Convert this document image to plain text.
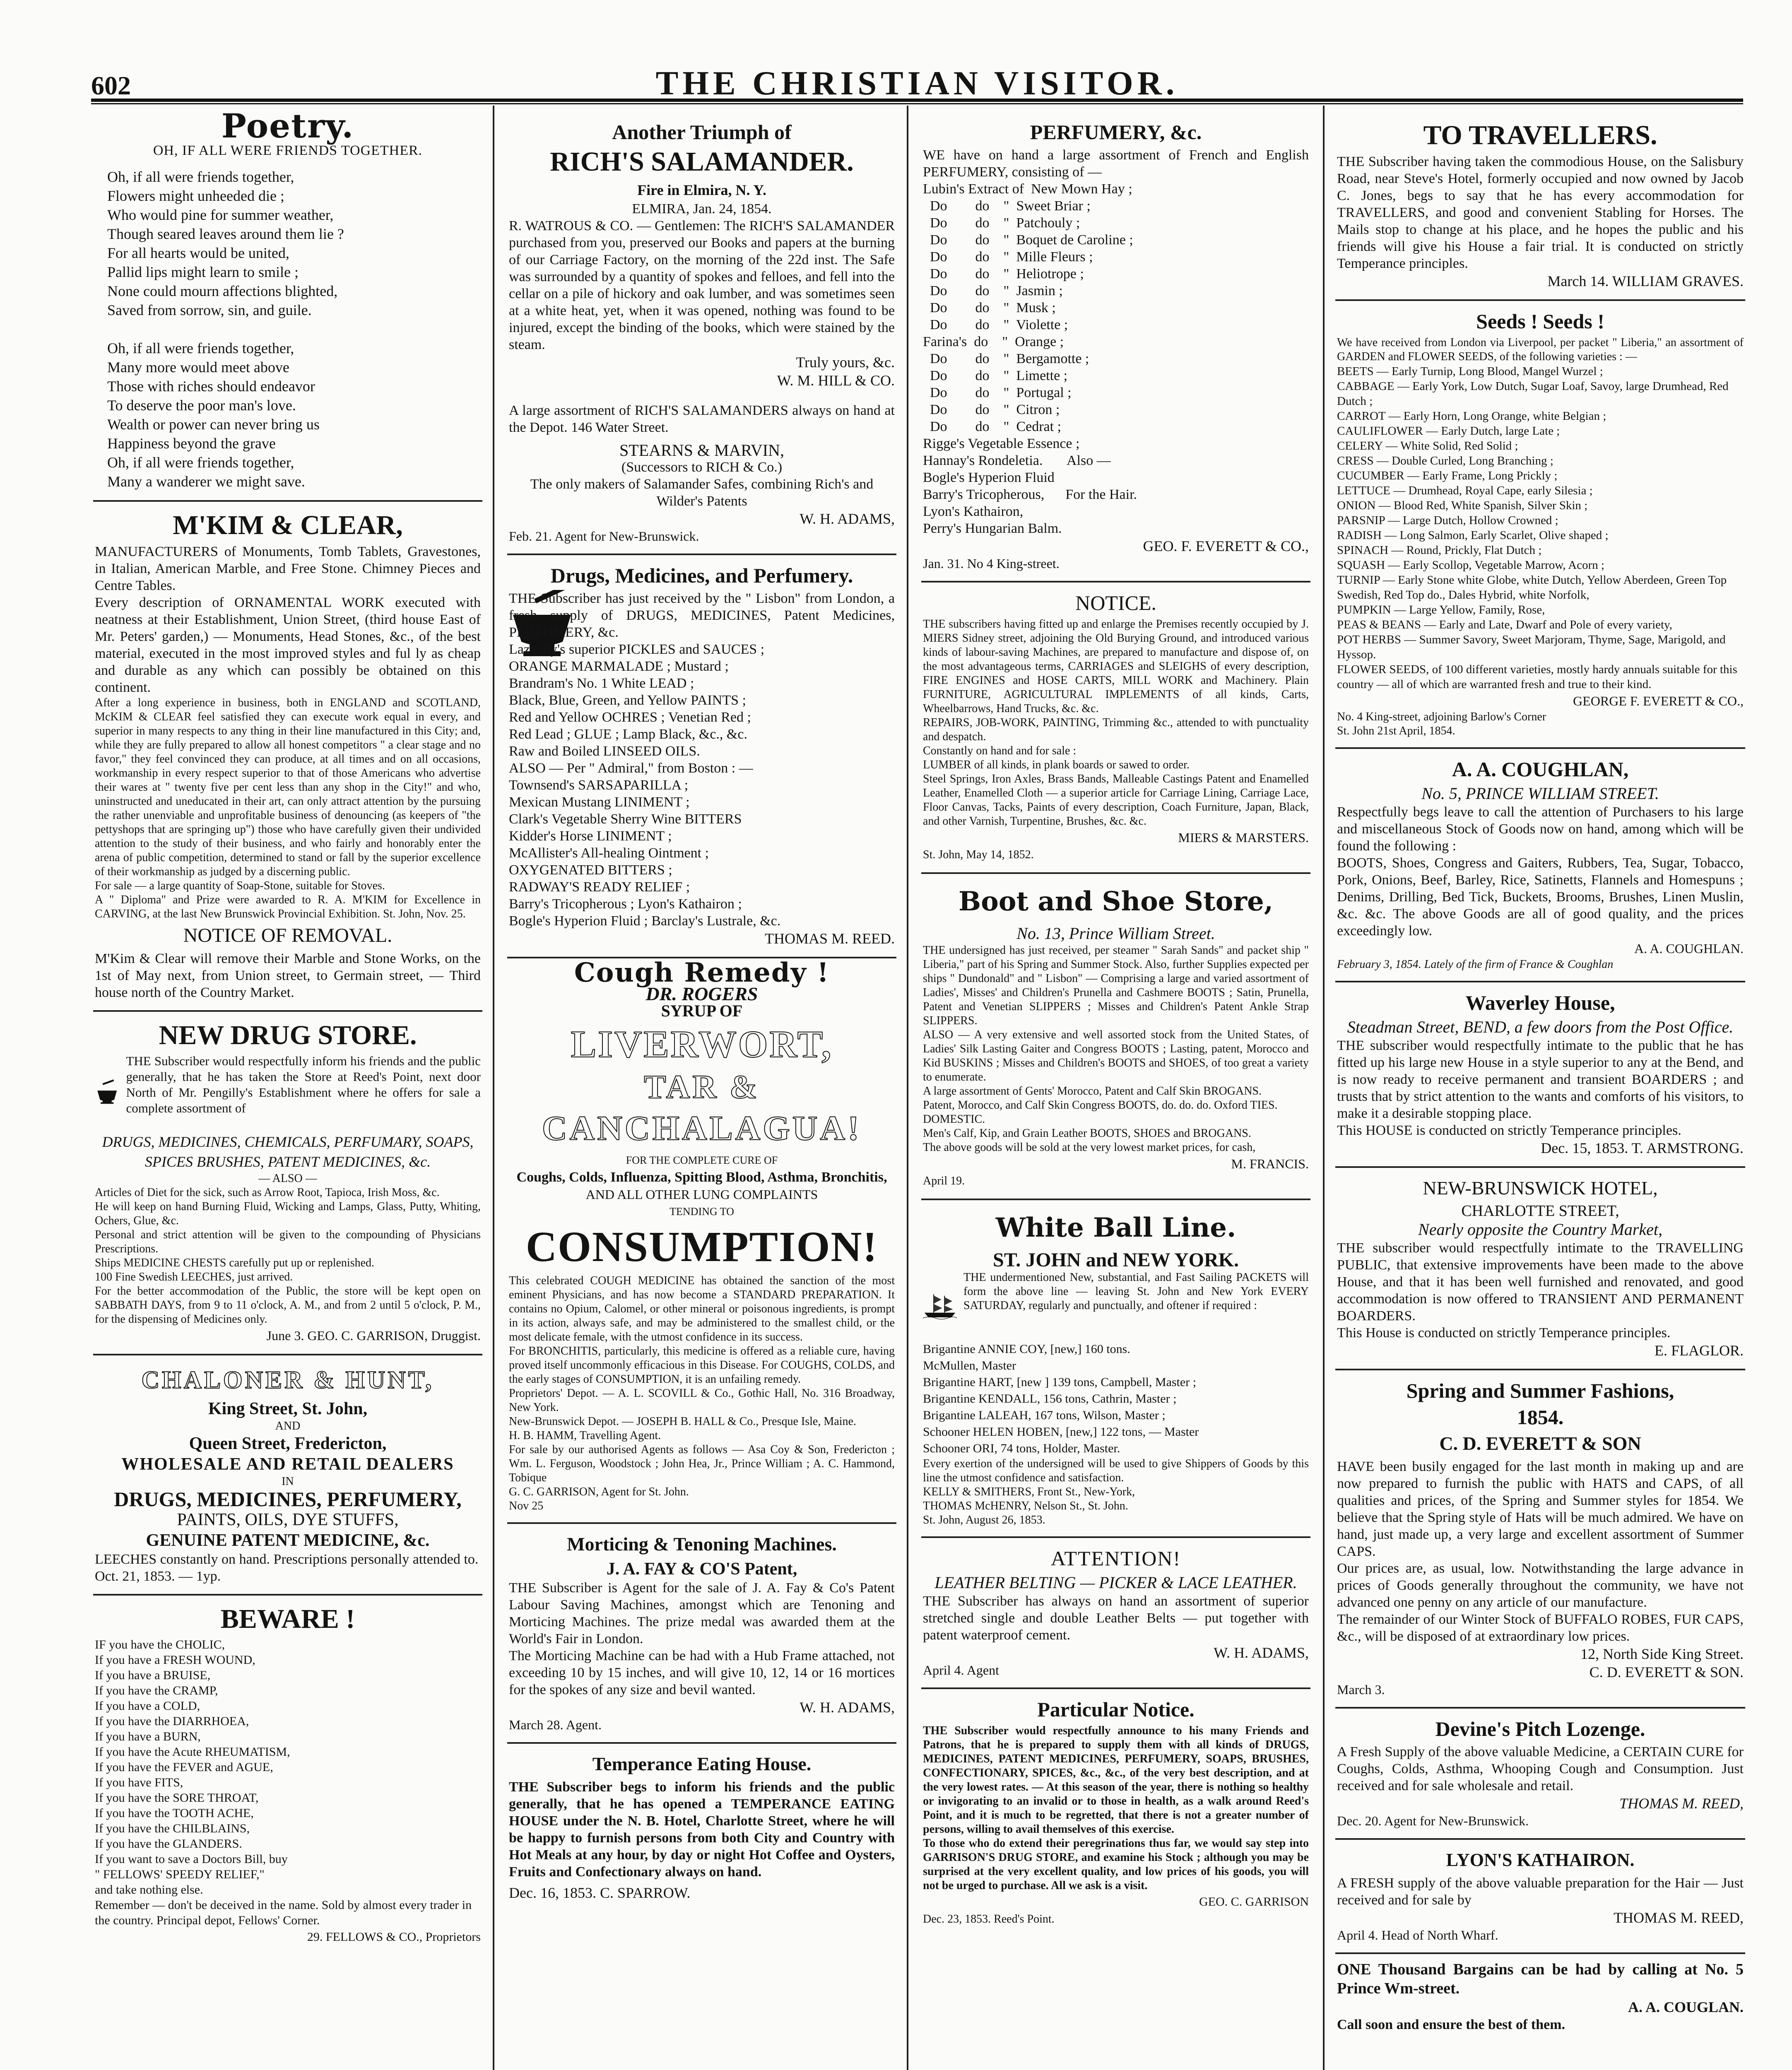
602	THE CHRISTIAN VISITOR.
Poetry.
OH, IF ALL WERE FRIENDS TOGETHER.
Oh, if all were friends together,
Flowers might unheeded die ;
Who would pine for summer weather,
Though seared leaves around them lie ?
For all hearts would be united,
Pallid lips might learn to smile ;
None could mourn affections blighted,
Saved from sorrow, sin, and guile.

Oh, if all were friends together,
Many more would meet above
Those with riches should endeavor
To deserve the poor man's love.
Wealth or power can never bring us
Happiness beyond the grave
Oh, if all were friends together,
Many a wanderer we might save.
M'KIM & CLEAR,
MANUFACTURERS of Monuments, Tomb Tablets, Gravestones, in Italian, American Marble, and Free Stone. Chimney Pieces and Centre Tables.
Every description of ORNAMENTAL WORK executed with neatness at their Establishment, Union Street, (third house East of Mr. Peters' garden,) — Monuments, Head Stones, &c., of the best material, executed in the most improved styles and ful ly as cheap and durable as any which can possibly be obtained on this continent.
After a long experience in business, both in ENGLAND and SCOTLAND, McKIM & CLEAR feel satisfied they can execute work equal in every, and superior in many respects to any thing in their line manufactured in this City; and, while they are fully prepared to allow all honest competitors " a clear stage and no favor," they feel convinced they can produce, at all times and on all occasions, workmanship in every respect superior to that of those Americans who advertise their wares at " twenty five per cent less than any shop in the City!" and who, uninstructed and uneducated in their art, can only attract attention by the pursuing the rather unenviable and unprofitable business of denouncing (as keepers of "the pettyshops that are springing up") those who have carefully given their undivided attention to the study of their business, and who fairly and honorably enter the arena of public competition, determined to stand or fall by the superior excellence of their workmanship as judged by a discerning public.
For sale — a large quantity of Soap-Stone, suitable for Stoves.
A " Diploma" and Prize were awarded to R. A. M'KIM for Excellence in CARVING, at the last New Brunswick Provincial Exhibition. St. John, Nov. 25.
NOTICE OF REMOVAL.
M'Kim & Clear will remove their Marble and Stone Works, on the 1st of May next, from Union street, to Germain street, — Third house north of the Country Market.
NEW DRUG STORE.
THE Subscriber would respectfully inform his friends and the public generally, that he has taken the Store at Reed's Point, next door North of Mr. Pengilly's Establishment where he offers for sale a complete assortment of
DRUGS, MEDICINES, CHEMICALS, PERFUMARY, SOAPS, SPICES BRUSHES, PATENT MEDICINES, &c.
— ALSO —
Articles of Diet for the sick, such as Arrow Root, Tapioca, Irish Moss, &c.
He will keep on hand Burning Fluid, Wicking and Lamps, Glass, Putty, Whiting, Ochers, Glue, &c.
Personal and strict attention will be given to the compounding of Physicians Prescriptions.
Ships MEDICINE CHESTS carefully put up or replenished.
100 Fine Swedish LEECHES, just arrived.
For the better accommodation of the Public, the store will be kept open on SABBATH DAYS, from 9 to 11 o'clock, A. M., and from 2 until 5 o'clock, P. M., for the dispensing of Medicines only.
June 3. GEO. C. GARRISON, Druggist.
CHALONER & HUNT,
King Street, St. John,
AND
Queen Street, Fredericton,
WHOLESALE AND RETAIL DEALERS
IN
DRUGS, MEDICINES, PERFUMERY,
PAINTS, OILS, DYE STUFFS,
GENUINE PATENT MEDICINE, &c.
LEECHES constantly on hand. Prescriptions personally attended to.
Oct. 21, 1853. — 1yp.
BEWARE !
IF you have the CHOLIC,
If you have a FRESH WOUND,
If you have a BRUISE,
If you have the CRAMP,
If you have a COLD,
If you have the DIARRHOEA,
If you have a BURN,
If you have the Acute RHEUMATISM,
If you have the FEVER and AGUE,
If you have FITS,
If you have the SORE THROAT,
If you have the TOOTH ACHE,
If you have the CHILBLAINS,
If you have the GLANDERS.
If you want to save a Doctors Bill, buy
" FELLOWS' SPEEDY RELIEF,"
and take nothing else.
Remember — don't be deceived in the name. Sold by almost every trader in the country. Principal depot, Fellows' Corner.
29. FELLOWS & CO., Proprietors
Another Triumph of
RICH'S SALAMANDER.
Fire in Elmira, N. Y.
ELMIRA, Jan. 24, 1854.
R. WATROUS & CO. — Gentlemen: The RICH'S SALAMANDER purchased from you, preserved our Books and papers at the burning of our Carriage Factory, on the morning of the 22d inst. The Safe was surrounded by a quantity of spokes and felloes, and fell into the cellar on a pile of hickory and oak lumber, and was sometimes seen at a white heat, yet, when it was opened, nothing was found to be injured, except the binding of the books, which were stained by the steam.
Truly yours, &c.
W. M. HILL & CO.
A large assortment of RICH'S SALAMANDERS always on hand at the Depot. 146 Water Street.
STEARNS & MARVIN,
(Successors to RICH & Co.)
The only makers of Salamander Safes, combining Rich's and Wilder's Patents
W. H. ADAMS,
Feb. 21. Agent for New-Brunswick.
Drugs, Medicines, and Perfumery.
THE Subscriber has just received by the " Lisbon" from London, a fresh supply of DRUGS, MEDICINES, Patent Medicines, PERFUMERY, &c.
Lazenby's superior PICKLES and SAUCES ;
ORANGE MARMALADE ; Mustard ;
Brandram's No. 1 White LEAD ;
Black, Blue, Green, and Yellow PAINTS ;
Red and Yellow OCHRES ; Venetian Red ;
Red Lead ; GLUE ; Lamp Black, &c., &c.
Raw and Boiled LINSEED OILS.
ALSO — Per " Admiral," from Boston : —
Townsend's SARSAPARILLA ;
Mexican Mustang LINIMENT ;
Clark's Vegetable Sherry Wine BITTERS
Kidder's Horse LINIMENT ;
McAllister's All-healing Ointment ;
OXYGENATED BITTERS ;
RADWAY'S READY RELIEF ;
Barry's Tricopherous ; Lyon's Kathairon ;
Bogle's Hyperion Fluid ; Barclay's Lustrale, &c.
THOMAS M. REED.
Cough Remedy !
DR. ROGERS
SYRUP OF
LIVERWORT,
TAR &
CANCHALAGUA!
FOR THE COMPLETE CURE OF
Coughs, Colds, Influenza, Spitting Blood, Asthma, Bronchitis,
AND ALL OTHER LUNG COMPLAINTS
TENDING TO
CONSUMPTION!
This celebrated COUGH MEDICINE has obtained the sanction of the most eminent Physicians, and has now become a STANDARD PREPARATION. It contains no Opium, Calomel, or other mineral or poisonous ingredients, is prompt in its action, always safe, and may be administered to the smallest child, or the most delicate female, with the utmost confidence in its success.
For BRONCHITIS, particularly, this medicine is offered as a reliable cure, having proved itself uncommonly efficacious in this Disease. For COUGHS, COLDS, and the early stages of CONSUMPTION, it is an unfailing remedy.
Proprietors' Depot. — A. L. SCOVILL & Co., Gothic Hall, No. 316 Broadway, New York.
New-Brunswick Depot. — JOSEPH B. HALL & Co., Presque Isle, Maine.
H. B. HAMM, Travelling Agent.
For sale by our authorised Agents as follows — Asa Coy & Son, Fredericton ; Wm. L. Ferguson, Woodstock ; John Hea, Jr., Prince William ; A. C. Hammond, Tobique
G. C. GARRISON, Agent for St. John.
Nov 25
Morticing & Tenoning Machines.
J. A. FAY & CO'S Patent,
THE Subscriber is Agent for the sale of J. A. Fay & Co's Patent Labour Saving Machines, amongst which are Tenoning and Morticing Machines. The prize medal was awarded them at the World's Fair in London.
The Morticing Machine can be had with a Hub Frame attached, not exceeding 10 by 15 inches, and will give 10, 12, 14 or 16 mortices for the spokes of any size and bevil wanted.
W. H. ADAMS,
March 28. Agent.
Temperance Eating House.
THE Subscriber begs to inform his friends and the public generally, that he has opened a TEMPERANCE EATING HOUSE under the N. B. Hotel, Charlotte Street, where he will be happy to furnish persons from both City and Country with Hot Meals at any hour, by day or night Hot Coffee and Oysters, Fruits and Confectionary always on hand.
Dec. 16, 1853. C. SPARROW.
PERFUMERY, &c.
WE have on hand a large assortment of French and English PERFUMERY, consisting of —
Lubin's Extract of  New Mown Hay ;
Do        do    "  Sweet Briar ;
Do        do    "  Patchouly ;
Do        do    "  Boquet de Caroline ;
Do        do    "  Mille Fleurs ;
Do        do    "  Heliotrope ;
Do        do    "  Jasmin ;
Do        do    "  Musk ;
Do        do    "  Violette ;
Farina's  do    "  Orange ;
Do        do    "  Bergamotte ;
Do        do    "  Limette ;
Do        do    "  Portugal ;
Do        do    "  Citron ;
Do        do    "  Cedrat ;
Rigge's Vegetable Essence ;
Hannay's Rondeletia.       Also —
Bogle's Hyperion Fluid
Barry's Tricopherous,      For the Hair.
Lyon's Kathairon,
Perry's Hungarian Balm.
GEO. F. EVERETT & CO.,
Jan. 31. No 4 King-street.
NOTICE.
THE subscribers having fitted up and enlarge the Premises recently occupied by J. MIERS Sidney street, adjoining the Old Burying Ground, and introduced various kinds of labour-saving Machines, are prepared to manufacture and dispose of, on the most advantageous terms, CARRIAGES and SLEIGHS of every description, FIRE ENGINES and HOSE CARTS, MILL WORK and Machinery. Plain FURNITURE, AGRICULTURAL IMPLEMENTS of all kinds, Carts, Wheelbarrows, Hand Trucks, &c. &c.
REPAIRS, JOB-WORK, PAINTING, Trimming &c., attended to with punctuality and despatch.
Constantly on hand and for sale :
LUMBER of all kinds, in plank boards or sawed to order.
Steel Springs, Iron Axles, Brass Bands, Malleable Castings Patent and Enamelled Leather, Enamelled Cloth — a superior article for Carriage Lining, Carriage Lace, Floor Canvas, Tacks, Paints of every description, Coach Furniture, Japan, Black, and other Varnish, Turpentine, Brushes, &c. &c.
MIERS & MARSTERS.
St. John, May 14, 1852.
Boot and Shoe Store,
No. 13, Prince William Street.
THE undersigned has just received, per steamer " Sarah Sands" and packet ship " Liberia," part of his Spring and Summer Stock. Also, further Supplies expected per ships " Dundonald" and " Lisbon" — Comprising a large and varied assortment of Ladies', Misses' and Children's Prunella and Cashmere BOOTS ; Satin, Prunella, Patent and Venetian SLIPPERS ; Misses and Children's Patent Ankle Strap SLIPPERS.
ALSO — A very extensive and well assorted stock from the United States, of Ladies' Silk Lasting Gaiter and Congress BOOTS ; Lasting, patent, Morocco and Kid BUSKINS ; Misses and Children's BOOTS and SHOES, of too great a variety to enumerate.
A large assortment of Gents' Morocco, Patent and Calf Skin BROGANS.
Patent, Morocco, and Calf Skin Congress BOOTS, do. do. do. Oxford TIES.
DOMESTIC.
Men's Calf, Kip, and Grain Leather BOOTS, SHOES and BROGANS.
The above goods will be sold at the very lowest market prices, for cash,
M. FRANCIS.
April 19.
White Ball Line.
ST. JOHN and NEW YORK.
THE undermentioned New, substantial, and Fast Sailing PACKETS will form the above line — leaving St. John and New York EVERY SATURDAY, regularly and punctually, and oftener if required :
Brigantine ANNIE COY, [new,] 160 tons.
McMullen, Master
Brigantine HART, [new ] 139 tons, Campbell, Master ;
Brigantine KENDALL, 156 tons, Cathrin, Master ;
Brigantine LALEAH, 167 tons, Wilson, Master ;
Schooner HELEN HOBEN, [new,] 122 tons, — Master
Schooner ORI, 74 tons, Holder, Master.
Every exertion of the undersigned will be used to give Shippers of Goods by this line the utmost confidence and satisfaction.
KELLY & SMITHERS, Front St., New-York,
THOMAS McHENRY, Nelson St., St. John.
St. John, August 26, 1853.
ATTENTION!
LEATHER BELTING — PICKER & LACE LEATHER.
THE Subscriber has always on hand an assortment of superior stretched single and double Leather Belts — put together with patent waterproof cement.
W. H. ADAMS,
April 4. Agent
Particular Notice.
THE Subscriber would respectfully announce to his many Friends and Patrons, that he is prepared to supply them with all kinds of DRUGS, MEDICINES, PATENT MEDICINES, PERFUMERY, SOAPS, BRUSHES, CONFECTIONARY, SPICES, &c., &c., of the very best description, and at the very lowest rates. — At this season of the year, there is nothing so healthy or invigorating to an invalid or to those in health, as a walk around Reed's Point, and it is much to be regretted, that there is not a greater number of persons, willing to avail themselves of this exercise.
To those who do extend their peregrinations thus far, we would say step into GARRISON'S DRUG STORE, and examine his Stock ; although you may be surprised at the very excellent quality, and low prices of his goods, you will not be urged to purchase. All we ask is a visit.
GEO. C. GARRISON
Dec. 23, 1853. Reed's Point.
TO TRAVELLERS.
THE Subscriber having taken the commodious House, on the Salisbury Road, near Steve's Hotel, formerly occupied and now owned by Jacob C. Jones, begs to say that he has every accommodation for TRAVELLERS, and good and convenient Stabling for Horses. The Mails stop to change at his place, and he hopes the public and his friends will give his House a fair trial. It is conducted on strictly Temperance principles.
March 14. WILLIAM GRAVES.
Seeds ! Seeds !
We have received from London via Liverpool, per packet " Liberia," an assortment of GARDEN and FLOWER SEEDS, of the following varieties : —
BEETS — Early Turnip, Long Blood, Mangel Wurzel ;
CABBAGE — Early York, Low Dutch, Sugar Loaf, Savoy, large Drumhead, Red Dutch ;
CARROT — Early Horn, Long Orange, white Belgian ;
CAULIFLOWER — Early Dutch, large Late ;
CELERY — White Solid, Red Solid ;
CRESS — Double Curled, Long Branching ;
CUCUMBER — Early Frame, Long Prickly ;
LETTUCE — Drumhead, Royal Cape, early Silesia ;
ONION — Blood Red, White Spanish, Silver Skin ;
PARSNIP — Large Dutch, Hollow Crowned ;
RADISH — Long Salmon, Early Scarlet, Olive shaped ;
SPINACH — Round, Prickly, Flat Dutch ;
SQUASH — Early Scollop, Vegetable Marrow, Acorn ;
TURNIP — Early Stone white Globe, white Dutch, Yellow Aberdeen, Green Top Swedish, Red Top do., Dales Hybrid, white Norfolk,
PUMPKIN — Large Yellow, Family, Rose,
PEAS & BEANS — Early and Late, Dwarf and Pole of every variety,
POT HERBS — Summer Savory, Sweet Marjoram, Thyme, Sage, Marigold, and Hyssop.
FLOWER SEEDS, of 100 different varieties, mostly hardy annuals suitable for this country — all of which are warranted fresh and true to their kind.
GEORGE F. EVERETT & CO.,
No. 4 King-street, adjoining Barlow's Corner
St. John 21st April, 1854.
A. A. COUGHLAN,
No. 5, PRINCE WILLIAM STREET.
Respectfully begs leave to call the attention of Purchasers to his large and miscellaneous Stock of Goods now on hand, among which will be found the following :
BOOTS, Shoes, Congress and Gaiters, Rubbers, Tea, Sugar, Tobacco, Pork, Onions, Beef, Barley, Rice, Satinetts, Flannels and Homespuns ; Denims, Drilling, Bed Tick, Buckets, Brooms, Brushes, Linen Muslin, &c. &c. The above Goods are all of good quality, and the prices exceedingly low.
A. A. COUGHLAN.
February 3, 1854. Lately of the firm of France & Coughlan
Waverley House,
Steadman Street, BEND, a few doors from the Post Office.
THE subscriber would respectfully intimate to the public that he has fitted up his large new House in a style superior to any at the Bend, and is now ready to receive permanent and transient BOARDERS ; and trusts that by strict attention to the wants and comforts of his visitors, to make it a desirable stopping place.
This HOUSE is conducted on strictly Temperance principles.
Dec. 15, 1853. T. ARMSTRONG.
NEW-BRUNSWICK HOTEL,
CHARLOTTE STREET,
Nearly opposite the Country Market,
THE subscriber would respectfully intimate to the TRAVELLING PUBLIC, that extensive improvements have been made to the above House, and that it has been well furnished and renovated, and good accommodation is now offered to TRANSIENT AND PERMANENT BOARDERS.
This House is conducted on strictly Temperance principles.
E. FLAGLOR.
Spring and Summer Fashions,
1854.
C. D. EVERETT & SON
HAVE been busily engaged for the last month in making up and are now prepared to furnish the public with HATS and CAPS, of all qualities and prices, of the Spring and Summer styles for 1854. We believe that the Spring style of Hats will be much admired. We have on hand, just made up, a very large and excellent assortment of Summer CAPS.
Our prices are, as usual, low. Notwithstanding the large advance in prices of Goods generally throughout the community, we have not advanced one penny on any article of our manufacture.
The remainder of our Winter Stock of BUFFALO ROBES, FUR CAPS, &c., will be disposed of at extraordinary low prices.
12, North Side King Street.
C. D. EVERETT & SON.
March 3.
Devine's Pitch Lozenge.
A Fresh Supply of the above valuable Medicine, a CERTAIN CURE for Coughs, Colds, Asthma, Whooping Cough and Consumption. Just received and for sale wholesale and retail.
THOMAS M. REED,
Dec. 20. Agent for New-Brunswick.
LYON'S KATHAIRON.
A FRESH supply of the above valuable preparation for the Hair — Just received and for sale by
THOMAS M. REED,
April 4. Head of North Wharf.
ONE Thousand Bargains can be had by calling at No. 5 Prince Wm-street.
A. A. COUGLAN.
Call soon and ensure the best of them.
